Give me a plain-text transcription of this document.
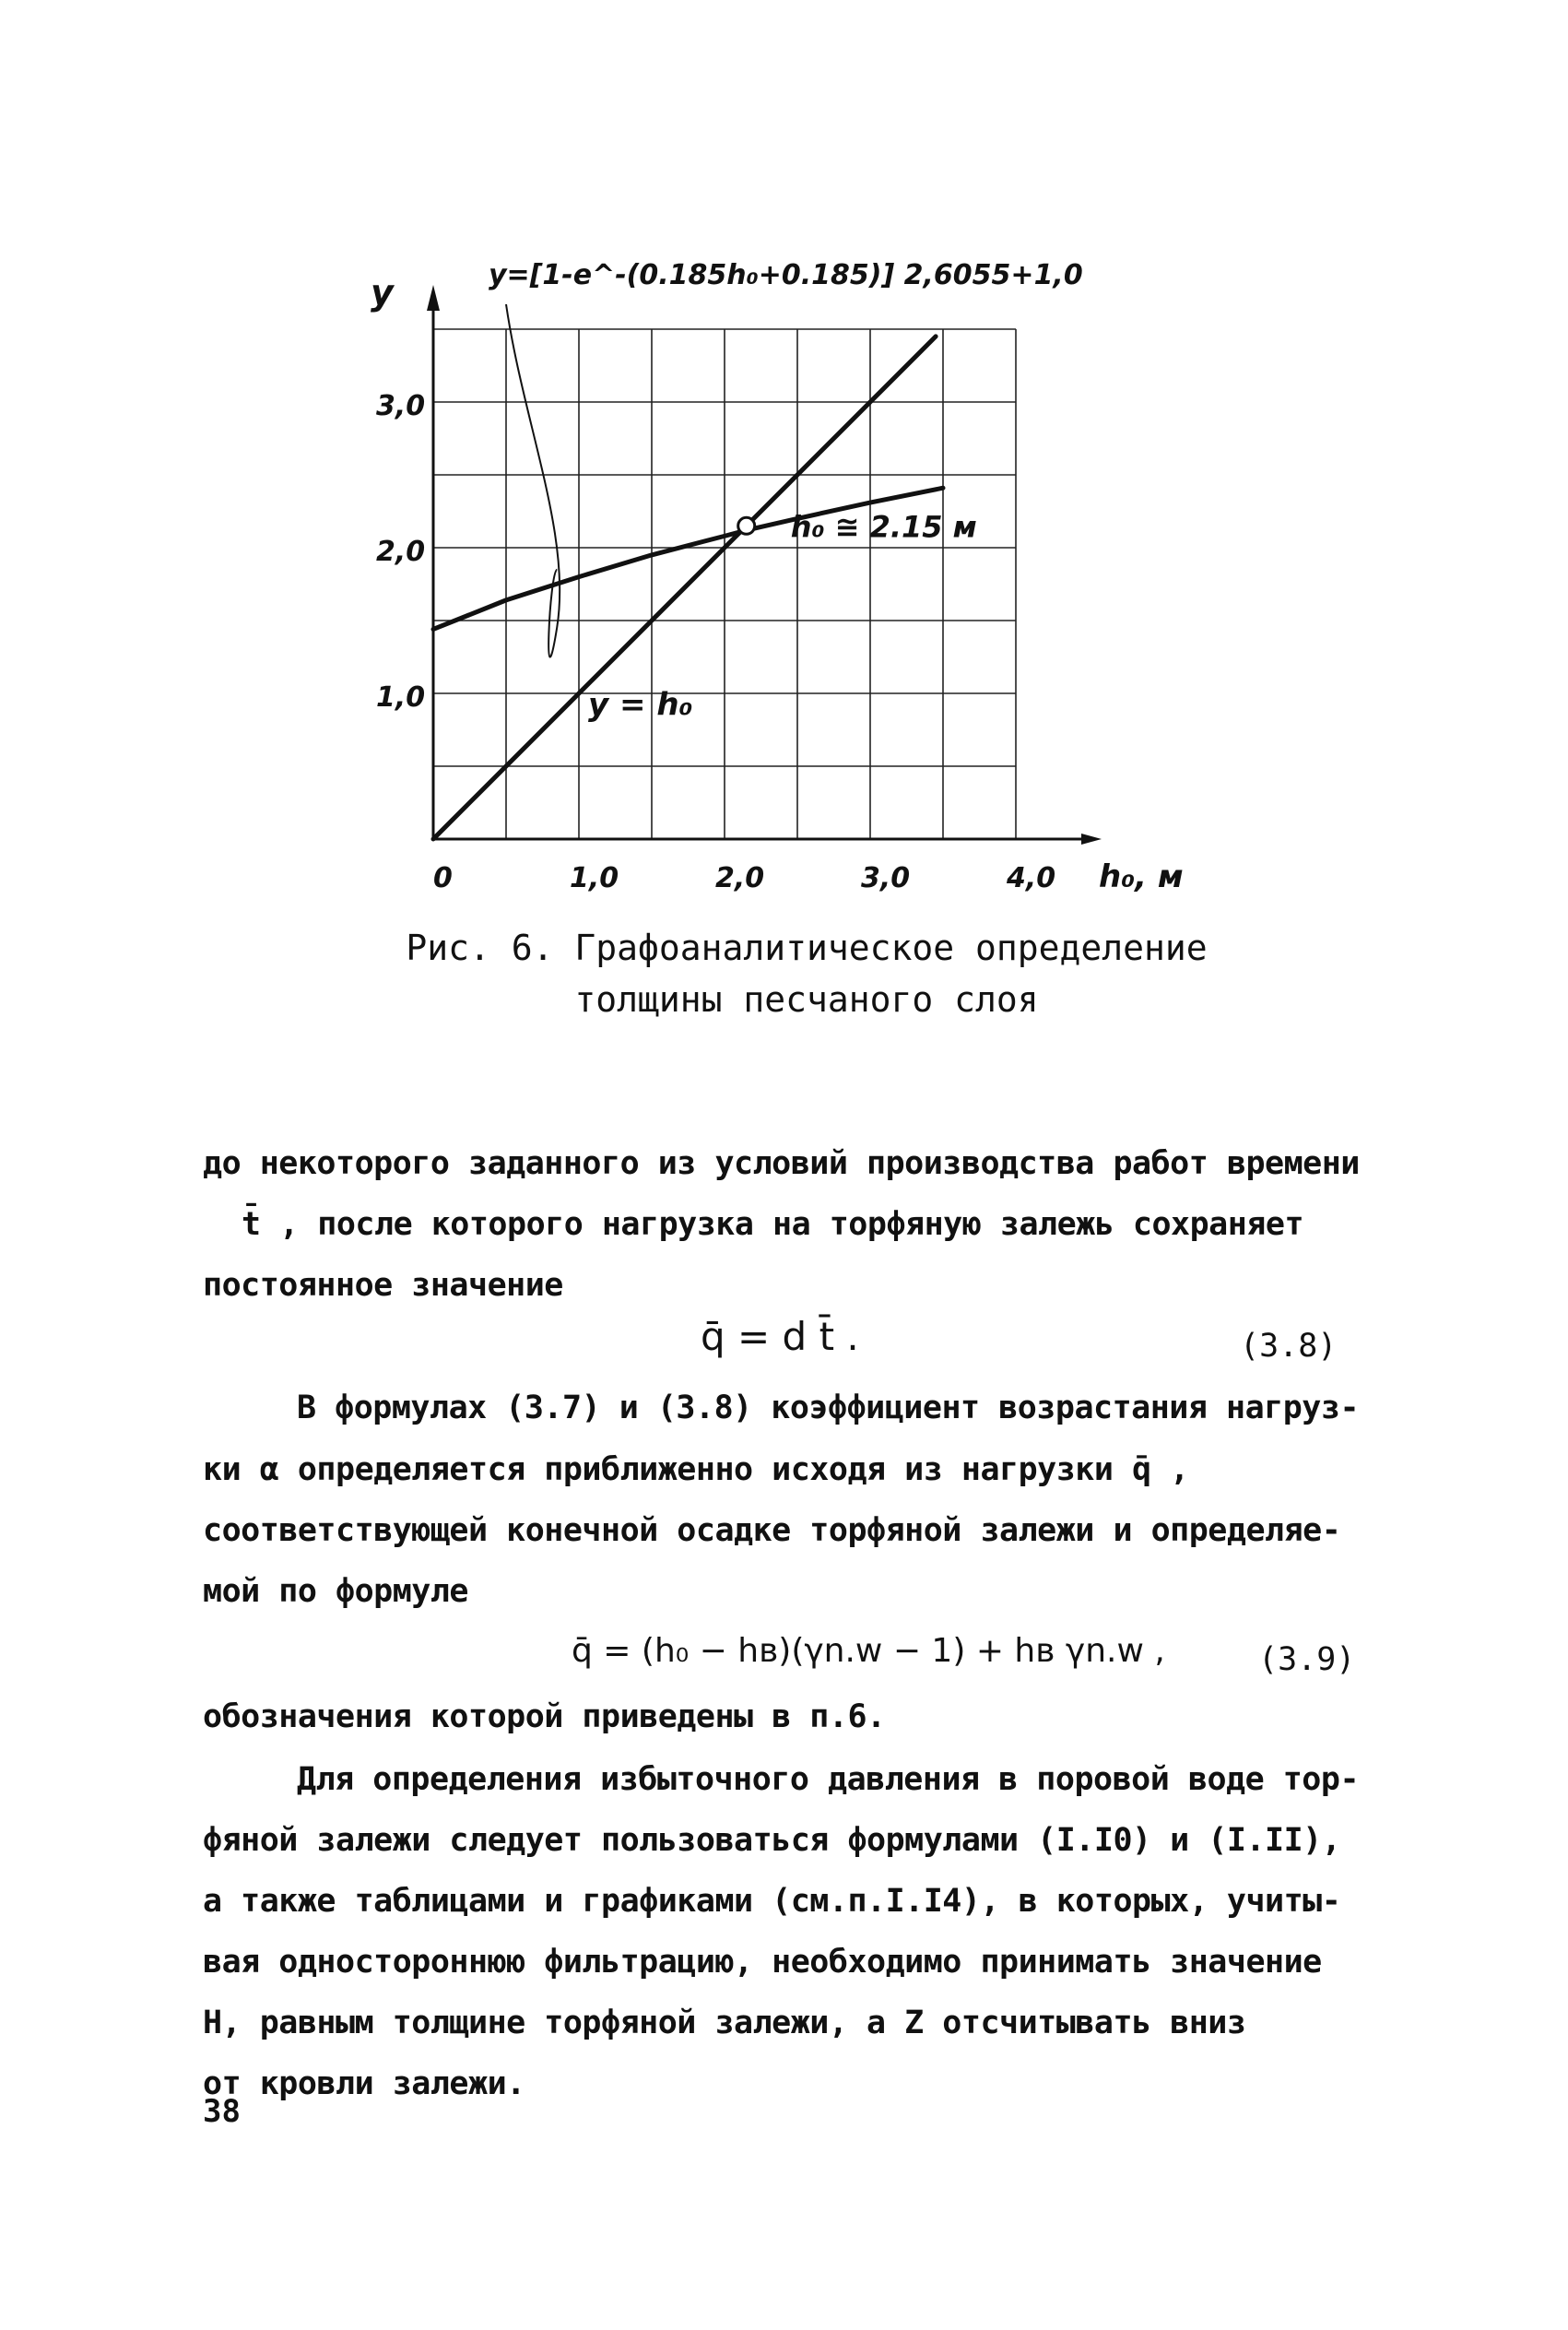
0	1,0	2,0	3,0	4,0
1,0
2,0
3,0
y
h₀, м
y=[1-e^-(0.185h₀+0.185)] 2,6055+1,0
y = h₀
h₀ ≅ 2.15 м
Рис. 6. Графоаналитическое определение
толщины песчаного слоя
до некоторого заданного из условий производства работ времени
t̄ , после которого нагрузка на торфяную залежь сохраняет
постоянное значение
q̄ = d t̄ .	(3.8)
В формулах (3.7) и (3.8) коэффициент возрастания нагруз-
ки α определяется приближенно исходя из нагрузки q̄ ,
соответствующей конечной осадке торфяной залежи и определяе-
мой по формуле
q̄ = (h₀ − hв)(γn.w − 1) + hв γn.w ,	(3.9)
обозначения которой приведены в п.6.
Для определения избыточного давления в поровой воде тор-
фяной залежи следует пользоваться формулами (I.I0) и (I.II),
а также таблицами и графиками (см.п.I.I4), в которых, учиты-
вая одностороннюю фильтрацию, необходимо принимать значение
Н, равным толщине торфяной залежи, а Z отсчитывать вниз
от кровли залежи.
38
